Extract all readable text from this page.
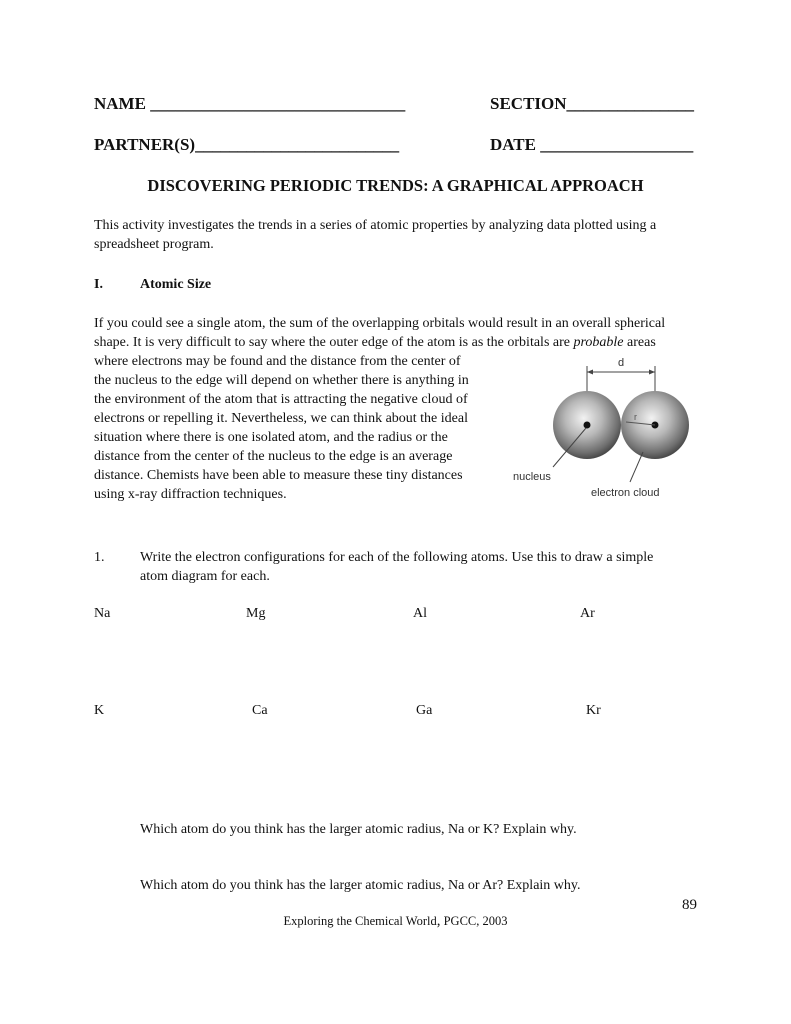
NAME ______________________________	SECTION_______________
PARTNER(S)________________________	DATE __________________
DISCOVERING PERIODIC TRENDS: A GRAPHICAL APPROACH
This activity investigates the trends in a series of atomic properties by analyzing data plotted using a
spreadsheet program.
I.	Atomic Size
If you could see a single atom, the sum of the overlapping orbitals would result in an overall spherical
shape. It is very difficult to say where the outer edge of the atom is as the orbitals are probable areas
where electrons may be found and the distance from the center of
the nucleus to the edge will depend on whether there is anything in
the environment of the atom that is attracting the negative cloud of
electrons or repelling it. Nevertheless, we can think about the ideal
situation where there is one isolated atom, and the radius or the
distance from the center of the nucleus to the edge is an average
distance. Chemists have been able to measure these tiny distances
using x-ray diffraction techniques.
d
r
nucleus
electron cloud
1.	Write the electron configurations for each of the following atoms. Use this to draw a simple
atom diagram for each.
Na	Mg	Al	Ar
K	Ca	Ga	Kr
Which atom do you think has the larger atomic radius, Na or K? Explain why.
Which atom do you think has the larger atomic radius, Na or Ar? Explain why.
89
Exploring the Chemical World, PGCC, 2003
